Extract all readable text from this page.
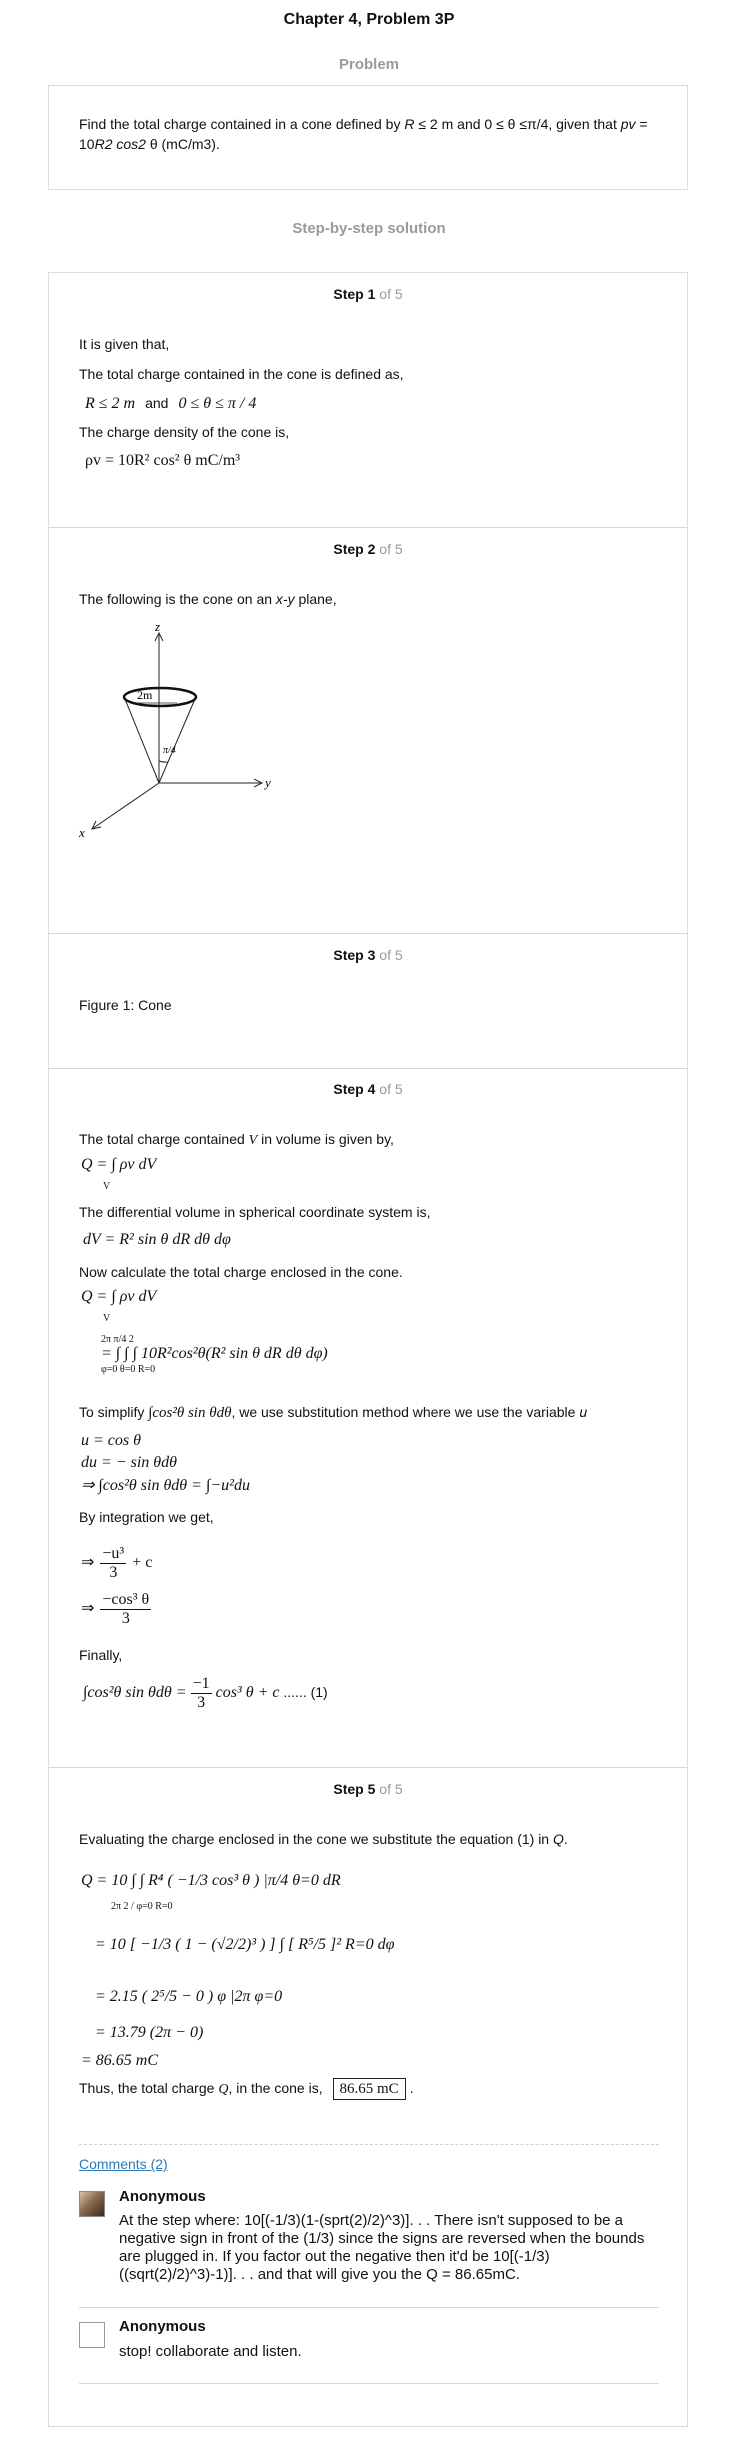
Chapter 4, Problem 3P
Problem
Find the total charge contained in a cone defined by R ≤ 2 m and 0 ≤ θ ≤π/4, given that pv = 10R2 cos2 θ (mC/m3).
Step-by-step solution
Step 1 of 5
It is given that,
The total charge contained in the cone is defined as,
R ≤ 2 m and 0 ≤ θ ≤ π / 4
The charge density of the cone is,
ρv = 10R² cos² θ mC/m³
Step 2 of 5
The following is the cone on an x-y plane,
2m
π/4
z
y
x
Step 3 of 5
Figure 1: Cone
Step 4 of 5
The total charge contained V in volume is given by,
Q = ∫ ρv dV
V
The differential volume in spherical coordinate system is,
dV = R² sin θ dR dθ dφ
Now calculate the total charge enclosed in the cone.
Q = ∫ ρv dV
V
2π π/4 2
= ∫ ∫ ∫ 10R²cos²θ(R² sin θ dR dθ dφ)
φ=0 θ=0 R=0
To simplify ∫cos²θ sin θdθ, we use substitution method where we use the variable u
u = cos θ
du = − sin θdθ
⇒ ∫cos²θ sin θdθ = ∫−u²du
By integration we get,
⇒ $\frac{\text{−u³}}{3} + c$
⇒ $\frac{\text{−cos³ θ}}{3}$
Finally,
∫cos²θ $\sin \theta d\theta = \frac{-1}{3} \cos^3$ θ + c ...... (1)
Step 5 of 5
Evaluating the charge enclosed in the cone we substitute the equation (1) in Q.
Q = 10 ∫ ∫ R⁴ ( −1/3 cos³ θ ) |π/4 θ=0 dR
2π 2 / φ=0 R=0
= 10 [ −1/3 ( 1 − (√2/2)³ ) ] ∫ [ R⁵/5 ]² R=0 dφ
= 2.15 ( 2⁵/5 − 0 ) φ |2π φ=0
= 13.79 (2π − 0)
= 86.65 mC
Thus, the total charge Q, in the cone is, 86.65 mC .
Comments (2)
Anonymous
At the step where: 10[(-1/3)(1-(sprt(2)/2)^3)]. . . There isn't supposed to be a negative sign in front of the (1/3) since the signs are reversed when the bounds are plugged in. If you factor out the negative then it'd be 10[(-1/3)((sqrt(2)/2)^3)-1)]. . . and that will give you the Q = 86.65mC.
Anonymous
stop! collaborate and listen.
